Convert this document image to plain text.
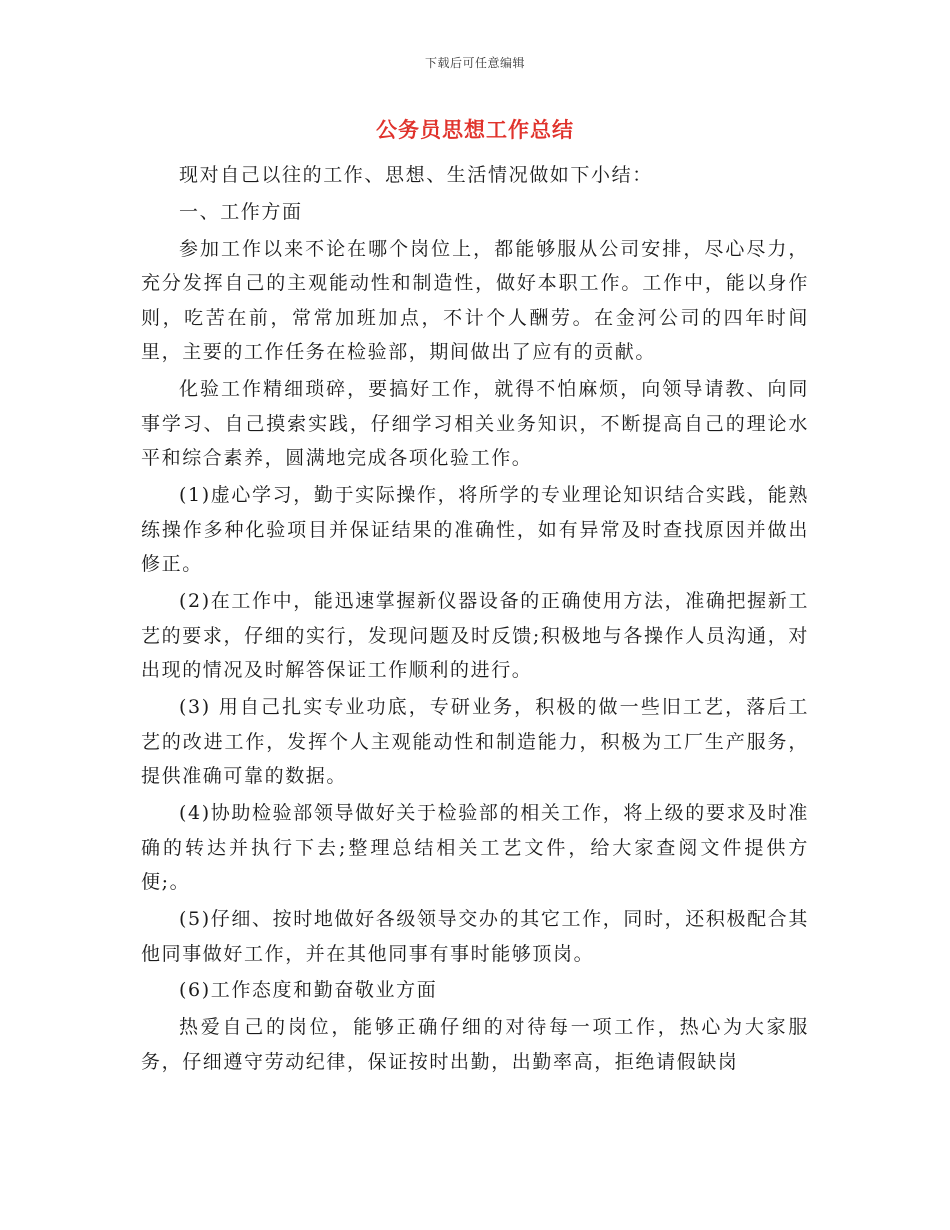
下载后可任意编辑
公务员思想工作总结

现对自己以往的工作、思想、生活情况做如下小结：

一、工作方面

参加工作以来不论在哪个岗位上，都能够服从公司安排，尽心尽力，充分发挥自己的主观能动性和制造性，做好本职工作。工作中，能以身作则，吃苦在前，常常加班加点，不计个人酬劳。在金河公司的四年时间里，主要的工作任务在检验部，期间做出了应有的贡献。

化验工作精细琐碎，要搞好工作，就得不怕麻烦，向领导请教、向同事学习、自己摸索实践，仔细学习相关业务知识，不断提高自己的理论水平和综合素养，圆满地完成各项化验工作。

(1)虚心学习，勤于实际操作，将所学的专业理论知识结合实践，能熟练操作多种化验项目并保证结果的准确性，如有异常及时查找原因并做出修正。

(2)在工作中，能迅速掌握新仪器设备的正确使用方法，准确把握新工艺的要求，仔细的实行，发现问题及时反馈;积极地与各操作人员沟通，对出现的情况及时解答保证工作顺利的进行。

(3) 用自己扎实专业功底，专研业务，积极的做一些旧工艺，落后工艺的改进工作，发挥个人主观能动性和制造能力，积极为工厂生产服务，提供准确可靠的数据。

(4)协助检验部领导做好关于检验部的相关工作，将上级的要求及时准确的转达并执行下去;整理总结相关工艺文件，给大家查阅文件提供方便;。

(5)仔细、按时地做好各级领导交办的其它工作，同时，还积极配合其他同事做好工作，并在其他同事有事时能够顶岗。

(6)工作态度和勤奋敬业方面

热爱自己的岗位，能够正确仔细的对待每一项工作，热心为大家服务，仔细遵守劳动纪律，保证按时出勤，出勤率高，拒绝请假缺岗
